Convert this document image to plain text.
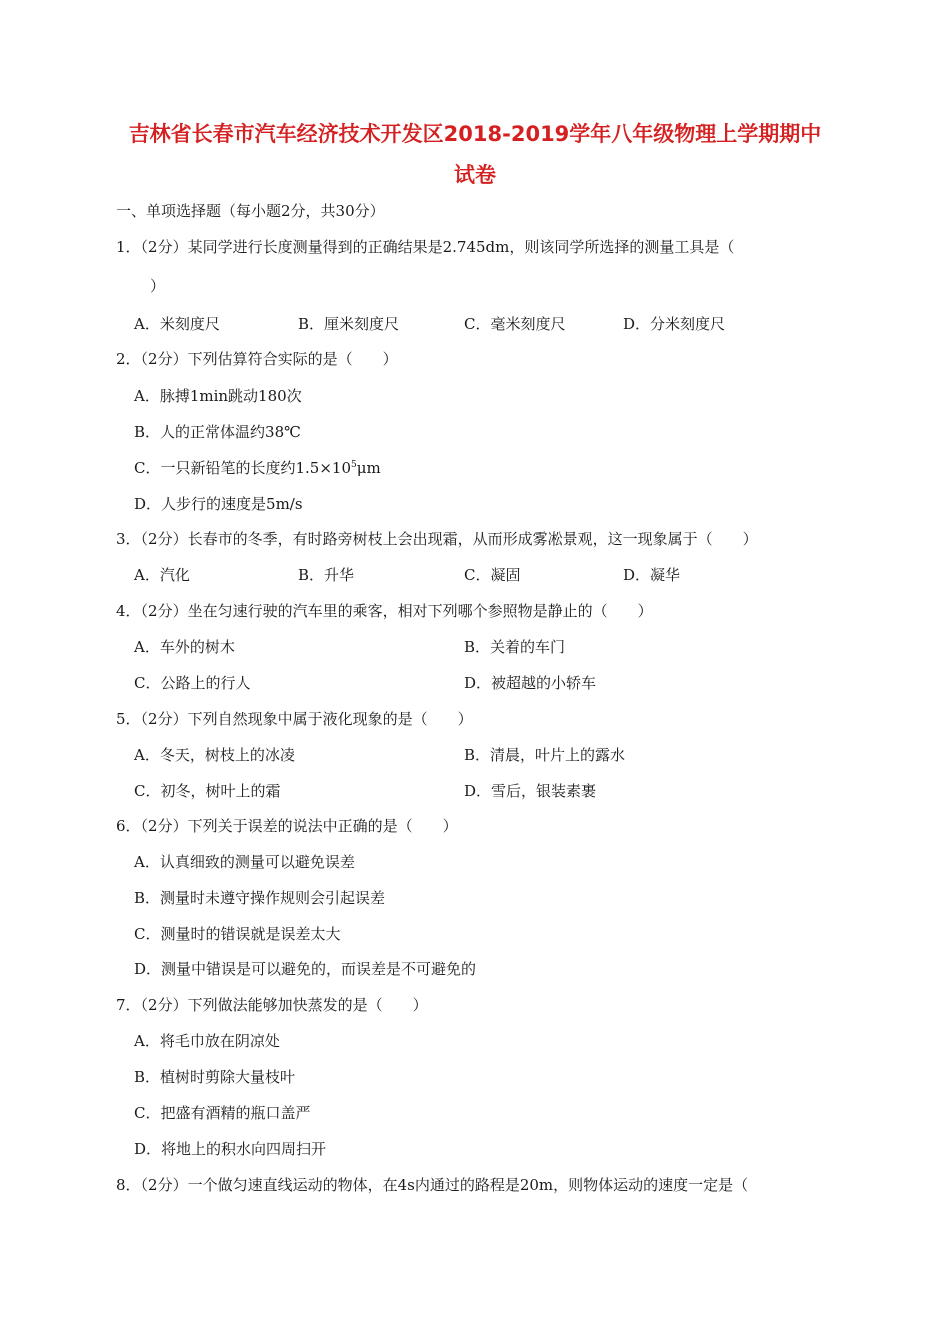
吉林省长春市汽车经济技术开发区2018-2019学年八年级物理上学期期中
试卷
一、单项选择题（每小题2分，共30分）
1．（2分）某同学进行长度测量得到的正确结果是2.745dm，则该同学所选择的测量工具是（
）
A．米刻度尺	B．厘米刻度尺	C．毫米刻度尺	D．分米刻度尺
2．（2分）下列估算符合实际的是（　　）
A．脉搏1min跳动180次
B．人的正常体温约38℃
C．一只新铅笔的长度约$1.5\times 10^5\mu m$
D．人步行的速度是5m/s
3．（2分）长春市的冬季，有时路旁树枝上会出现霜，从而形成雾凇景观，这一现象属于（　　）
A．汽化	B．升华	C．凝固	D．凝华
4．（2分）坐在匀速行驶的汽车里的乘客，相对下列哪个参照物是静止的（　　）
A．车外的树木	B．关着的车门
C．公路上的行人	D．被超越的小轿车
5．（2分）下列自然现象中属于液化现象的是（　　）
A．冬天，树枝上的冰凌	B．清晨，叶片上的露水
C．初冬，树叶上的霜	D．雪后，银装素裹
6．（2分）下列关于误差的说法中正确的是（　　）
A．认真细致的测量可以避免误差
B．测量时未遵守操作规则会引起误差
C．测量时的错误就是误差太大
D．测量中错误是可以避免的，而误差是不可避免的
7．（2分）下列做法能够加快蒸发的是（　　）
A．将毛巾放在阴凉处
B．植树时剪除大量枝叶
C．把盛有酒精的瓶口盖严
D．将地上的积水向四周扫开
8．（2分）一个做匀速直线运动的物体，在4s内通过的路程是20m，则物体运动的速度一定是（
